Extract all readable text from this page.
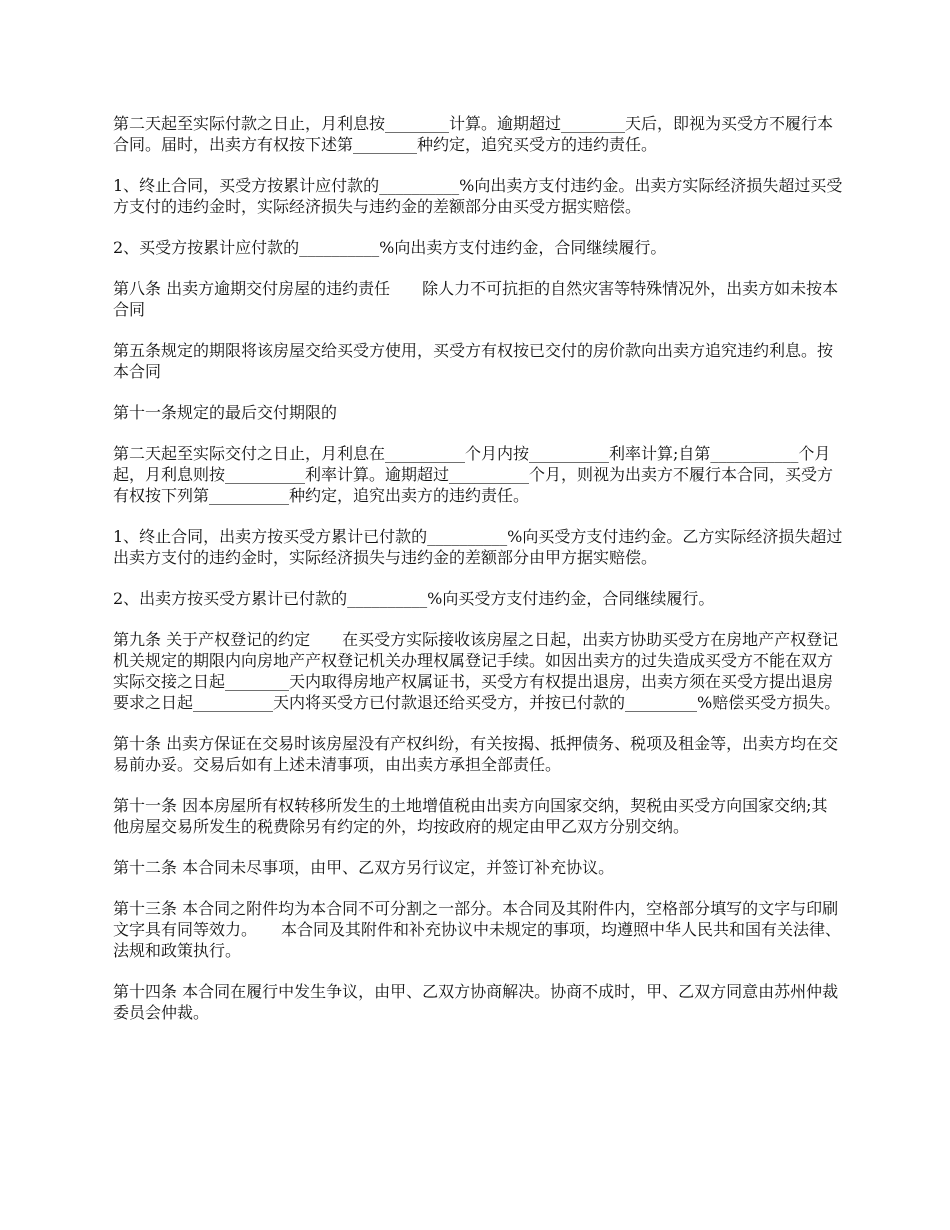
第二天起至实际付款之日止，月利息按________计算。逾期超过________天后，即视为买受方不履行本合同。届时，出卖方有权按下述第________种约定，追究买受方的违约责任。

1、终止合同，买受方按累计应付款的__________%向出卖方支付违约金。出卖方实际经济损失超过买受方支付的违约金时，实际经济损失与违约金的差额部分由买受方据实赔偿。

2、买受方按累计应付款的__________%向出卖方支付违约金，合同继续履行。

第八条 出卖方逾期交付房屋的违约责任　　除人力不可抗拒的自然灾害等特殊情况外，出卖方如未按本合同

第五条规定的期限将该房屋交给买受方使用，买受方有权按已交付的房价款向出卖方追究违约利息。按本合同

第十一条规定的最后交付期限的

第二天起至实际交付之日止，月利息在__________个月内按__________利率计算;自第___________个月起，月利息则按__________利率计算。逾期超过__________个月，则视为出卖方不履行本合同，买受方有权按下列第__________种约定，追究出卖方的违约责任。

1、终止合同，出卖方按买受方累计已付款的__________%向买受方支付违约金。乙方实际经济损失超过出卖方支付的违约金时，实际经济损失与违约金的差额部分由甲方据实赔偿。

2、出卖方按买受方累计已付款的__________%向买受方支付违约金，合同继续履行。

第九条 关于产权登记的约定　　在买受方实际接收该房屋之日起，出卖方协助买受方在房地产产权登记机关规定的期限内向房地产产权登记机关办理权属登记手续。如因出卖方的过失造成买受方不能在双方实际交接之日起________天内取得房地产权属证书，买受方有权提出退房，出卖方须在买受方提出退房要求之日起__________天内将买受方已付款退还给买受方，并按已付款的_________%赔偿买受方损失。

第十条 出卖方保证在交易时该房屋没有产权纠纷，有关按揭、抵押债务、税项及租金等，出卖方均在交易前办妥。交易后如有上述未清事项，由出卖方承担全部责任。

第十一条 因本房屋所有权转移所发生的土地增值税由出卖方向国家交纳，契税由买受方向国家交纳;其他房屋交易所发生的税费除另有约定的外，均按政府的规定由甲乙双方分别交纳。

第十二条 本合同未尽事项，由甲、乙双方另行议定，并签订补充协议。

第十三条 本合同之附件均为本合同不可分割之一部分。本合同及其附件内，空格部分填写的文字与印刷文字具有同等效力。　　本合同及其附件和补充协议中未规定的事项，均遵照中华人民共和国有关法律、法规和政策执行。

第十四条 本合同在履行中发生争议，由甲、乙双方协商解决。协商不成时，甲、乙双方同意由苏州仲裁委员会仲裁。
